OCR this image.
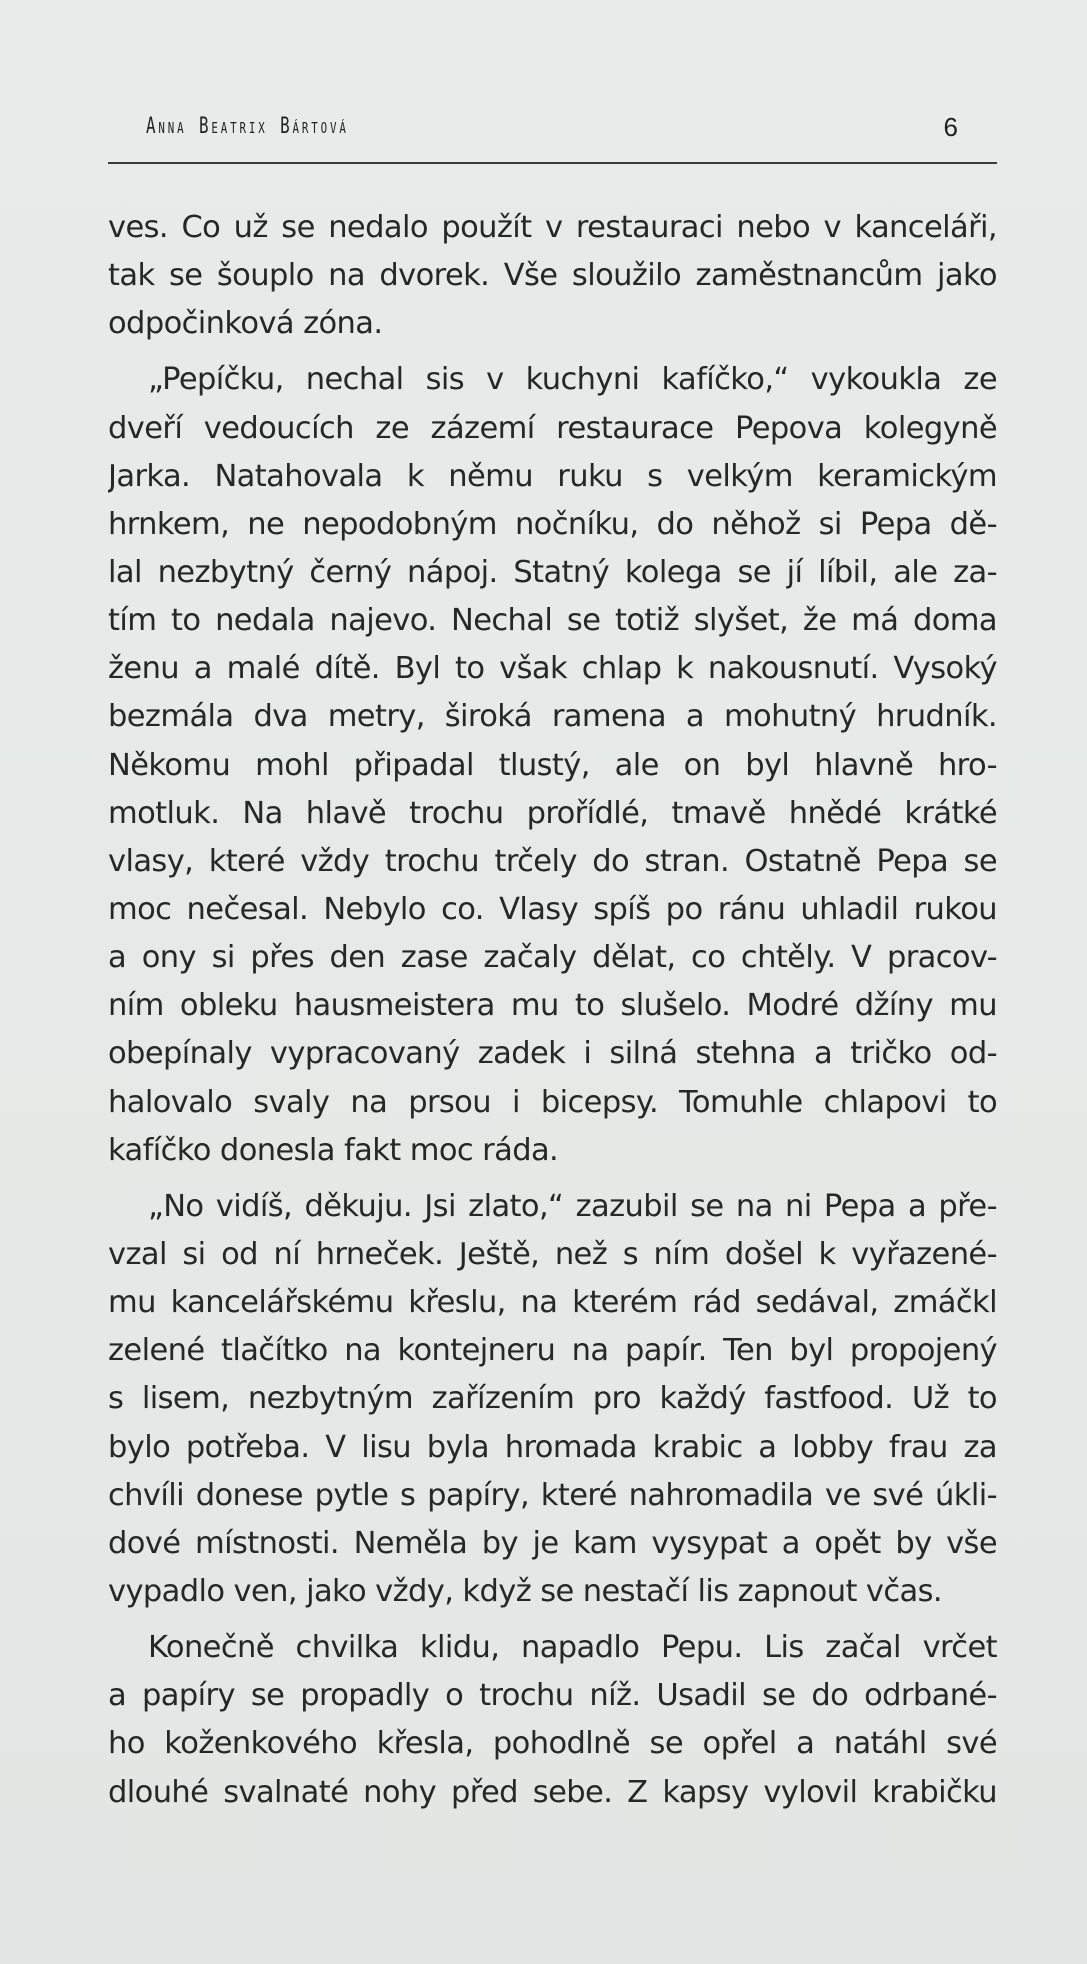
Anna Beatrix Bártová	6
ves. Co už se nedalo použít v restauraci nebo v kanceláři,
tak se šouplo na dvorek. Vše sloužilo zaměstnancům jako
odpočinková zóna.
„Pepíčku, nechal sis v kuchyni kafíčko,“ vykoukla ze
dveří vedoucích ze zázemí restaurace Pepova kolegyně
Jarka. Natahovala k němu ruku s velkým keramickým
hrnkem, ne nepodobným nočníku, do něhož si Pepa dě-
lal nezbytný černý nápoj. Statný kolega se jí líbil, ale za-
tím to nedala najevo. Nechal se totiž slyšet, že má doma
ženu a malé dítě. Byl to však chlap k nakousnutí. Vysoký
bezmála dva metry, široká ramena a mohutný hrudník.
Někomu mohl připadal tlustý, ale on byl hlavně hro-
motluk. Na hlavě trochu prořídlé, tmavě hnědé krátké
vlasy, které vždy trochu trčely do stran. Ostatně Pepa se
moc nečesal. Nebylo co. Vlasy spíš po ránu uhladil rukou
a ony si přes den zase začaly dělat, co chtěly. V pracov-
ním obleku hausmeistera mu to slušelo. Modré džíny mu
obepínaly vypracovaný zadek i silná stehna a tričko od-
halovalo svaly na prsou i bicepsy. Tomuhle chlapovi to
kafíčko donesla fakt moc ráda.
„No vidíš, děkuju. Jsi zlato,“ zazubil se na ni Pepa a pře-
vzal si od ní hrneček. Ještě, než s ním došel k vyřazené-
mu kancelářskému křeslu, na kterém rád sedával, zmáčkl
zelené tlačítko na kontejneru na papír. Ten byl propojený
s lisem, nezbytným zařízením pro každý fastfood. Už to
bylo potřeba. V lisu byla hromada krabic a lobby frau za
chvíli donese pytle s papíry, které nahromadila ve své úkli-
dové místnosti. Neměla by je kam vysypat a opět by vše
vypadlo ven, jako vždy, když se nestačí lis zapnout včas.
Konečně chvilka klidu, napadlo Pepu. Lis začal vrčet
a papíry se propadly o trochu níž. Usadil se do odrbané-
ho koženkového křesla, pohodlně se opřel a natáhl své
dlouhé svalnaté nohy před sebe. Z kapsy vylovil krabičku
